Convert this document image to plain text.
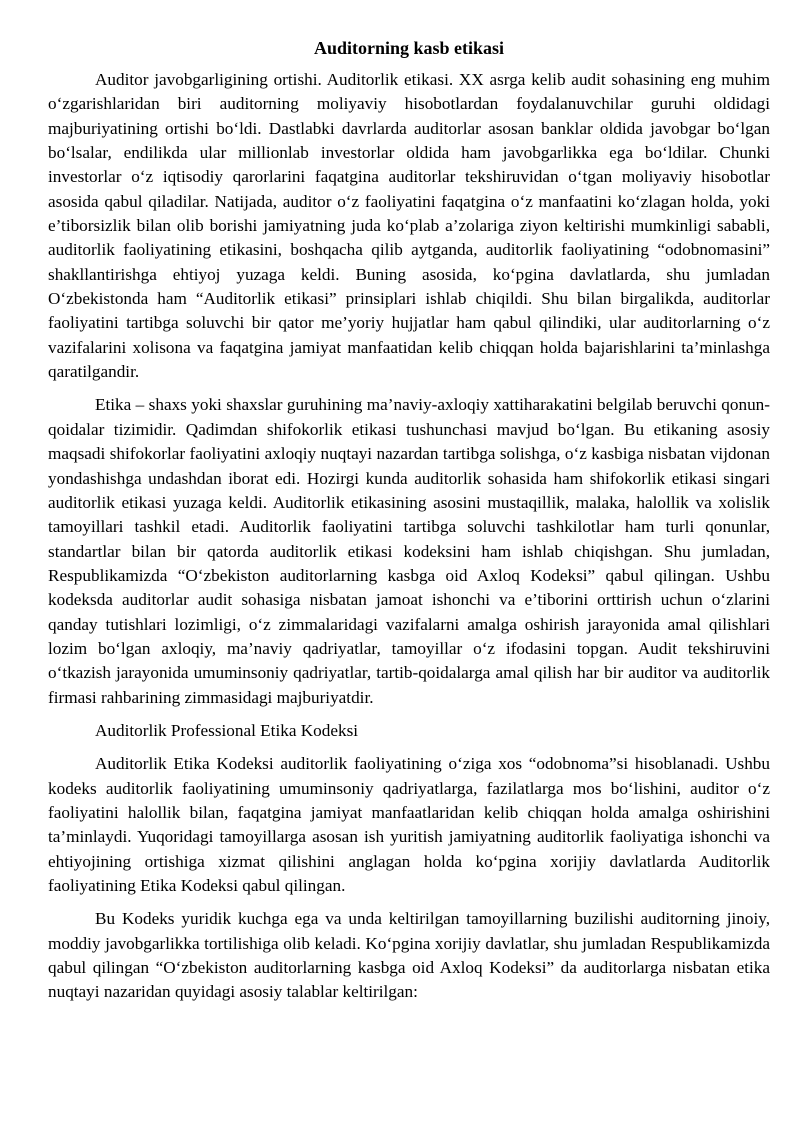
Auditorning kasb etikasi

Auditor javobgarligining ortishi. Auditorlik etikasi. XX asrga kelib audit sohasining eng muhim o‘zgarishlaridan biri auditorning moliyaviy hisobotlardan foydalanuvchilar guruhi oldidagi majburiyatining ortishi bo‘ldi. Dastlabki davrlarda auditorlar asosan banklar oldida javobgar bo‘lgan bo‘lsalar, endilikda ular millionlab investorlar oldida ham javobgarlikka ega bo‘ldilar. Chunki investorlar o‘z iqtisodiy qarorlarini faqatgina auditorlar tekshiruvidan o‘tgan moliyaviy hisobotlar asosida qabul qiladilar. Natijada, auditor o‘z faoliyatini faqatgina o‘z manfaatini ko‘zlagan holda, yoki e’tiborsizlik bilan olib borishi jamiyatning juda ko‘plab a’zolariga ziyon keltirishi mumkinligi sababli, auditorlik faoliyatining etikasini, boshqacha qilib aytganda, auditorlik faoliyatining “odobnomasini” shakllantirishga ehtiyoj yuzaga keldi. Buning asosida, ko‘pgina davlatlarda, shu jumladan O‘zbekistonda ham “Auditorlik etikasi” prinsiplari ishlab chiqildi. Shu bilan birgalikda, auditorlar faoliyatini tartibga soluvchi bir qator me’yoriy hujjatlar ham qabul qilindiki, ular auditorlarning o‘z vazifalarini xolisona va faqatgina jamiyat manfaatidan kelib chiqqan holda bajarishlarini ta’minlashga qaratilgandir.

Etika – shaxs yoki shaxslar guruhining ma’naviy-axloqiy xattiharakatini belgilab beruvchi qonun-qoidalar tizimidir. Qadimdan shifokorlik etikasi tushunchasi mavjud bo‘lgan. Bu etikaning asosiy maqsadi shifokorlar faoliyatini axloqiy nuqtayi nazardan tartibga solishga, o‘z kasbiga nisbatan vijdonan yondashishga undashdan iborat edi. Hozirgi kunda auditorlik sohasida ham shifokorlik etikasi singari auditorlik etikasi yuzaga keldi. Auditorlik etikasining asosini mustaqillik, malaka, halollik va xolislik tamoyillari tashkil etadi. Auditorlik faoliyatini tartibga soluvchi tashkilotlar ham turli qonunlar, standartlar bilan bir qatorda auditorlik etikasi kodeksini ham ishlab chiqishgan. Shu jumladan, Respublikamizda “O‘zbekiston auditorlarning kasbga oid Axloq Kodeksi” qabul qilingan. Ushbu kodeksda auditorlar audit sohasiga nisbatan jamoat ishonchi va e’tiborini orttirish uchun o‘zlarini qanday tutishlari lozimligi, o‘z zimmalaridagi vazifalarni amalga oshirish jarayonida amal qilishlari lozim bo‘lgan axloqiy, ma’naviy qadriyatlar, tamoyillar o‘z ifodasini topgan. Audit tekshiruvini o‘tkazish jarayonida umuminsoniy qadriyatlar, tartib-qoidalarga amal qilish har bir auditor va auditorlik firmasi rahbarining zimmasidagi majburiyatdir.

Auditorlik Professional Etika Kodeksi

Auditorlik Etika Kodeksi auditorlik faoliyatining o‘ziga xos “odobnoma”si hisoblanadi. Ushbu kodeks auditorlik faoliyatining umuminsoniy qadriyatlarga, fazilatlarga mos bo‘lishini, auditor o‘z faoliyatini halollik bilan, faqatgina jamiyat manfaatlaridan kelib chiqqan holda amalga oshirishini ta’minlaydi. Yuqoridagi tamoyillarga asosan ish yuritish jamiyatning auditorlik faoliyatiga ishonchi va ehtiyojining ortishiga xizmat qilishini anglagan holda ko‘pgina xorijiy davlatlarda Auditorlik faoliyatining Etika Kodeksi qabul qilingan.

Bu Kodeks yuridik kuchga ega va unda keltirilgan tamoyillarning buzilishi auditorning jinoiy, moddiy javobgarlikka tortilishiga olib keladi. Ko‘pgina xorijiy davlatlar, shu jumladan Respublikamizda qabul qilingan “O‘zbekiston auditorlarning kasbga oid Axloq Kodeksi” da auditorlarga nisbatan etika nuqtayi nazaridan quyidagi asosiy talablar keltirilgan:
